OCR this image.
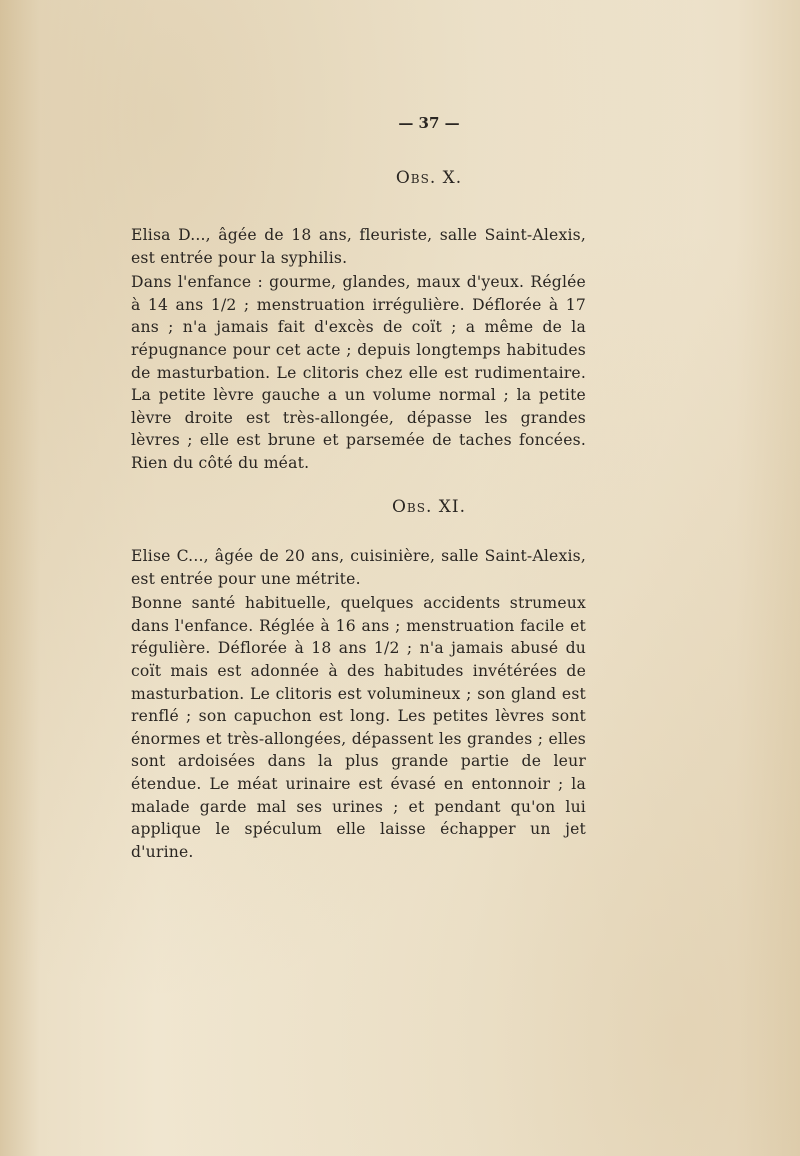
— 37 —
Obs. X.

Elisa D..., âgée de 18 ans, fleuriste, salle Saint-Alexis, est entrée pour la syphilis.

Dans l'enfance : gourme, glandes, maux d'yeux. Réglée à 14 ans 1/2 ; menstruation irrégulière. Déflorée à 17 ans ; n'a jamais fait d'excès de coït ; a même de la répugnance pour cet acte ; depuis longtemps habitudes de masturbation. Le clitoris chez elle est rudimentaire. La petite lèvre gauche a un volume normal ; la petite lèvre droite est très-allongée, dépasse les grandes lèvres ; elle est brune et parsemée de taches foncées. Rien du côté du méat.

Obs. XI.

Elise C..., âgée de 20 ans, cuisinière, salle Saint-Alexis, est entrée pour une métrite.

Bonne santé habituelle, quelques accidents strumeux dans l'enfance. Réglée à 16 ans ; menstruation facile et régulière. Déflorée à 18 ans 1/2 ; n'a jamais abusé du coït mais est adonnée à des habitudes invétérées de masturbation. Le clitoris est volumineux ; son gland est renflé ; son capuchon est long. Les petites lèvres sont énormes et très-allongées, dépassent les grandes ; elles sont ardoisées dans la plus grande partie de leur étendue. Le méat urinaire est évasé en entonnoir ; la malade garde mal ses urines ; et pendant qu'on lui applique le spéculum elle laisse échapper un jet d'urine.
